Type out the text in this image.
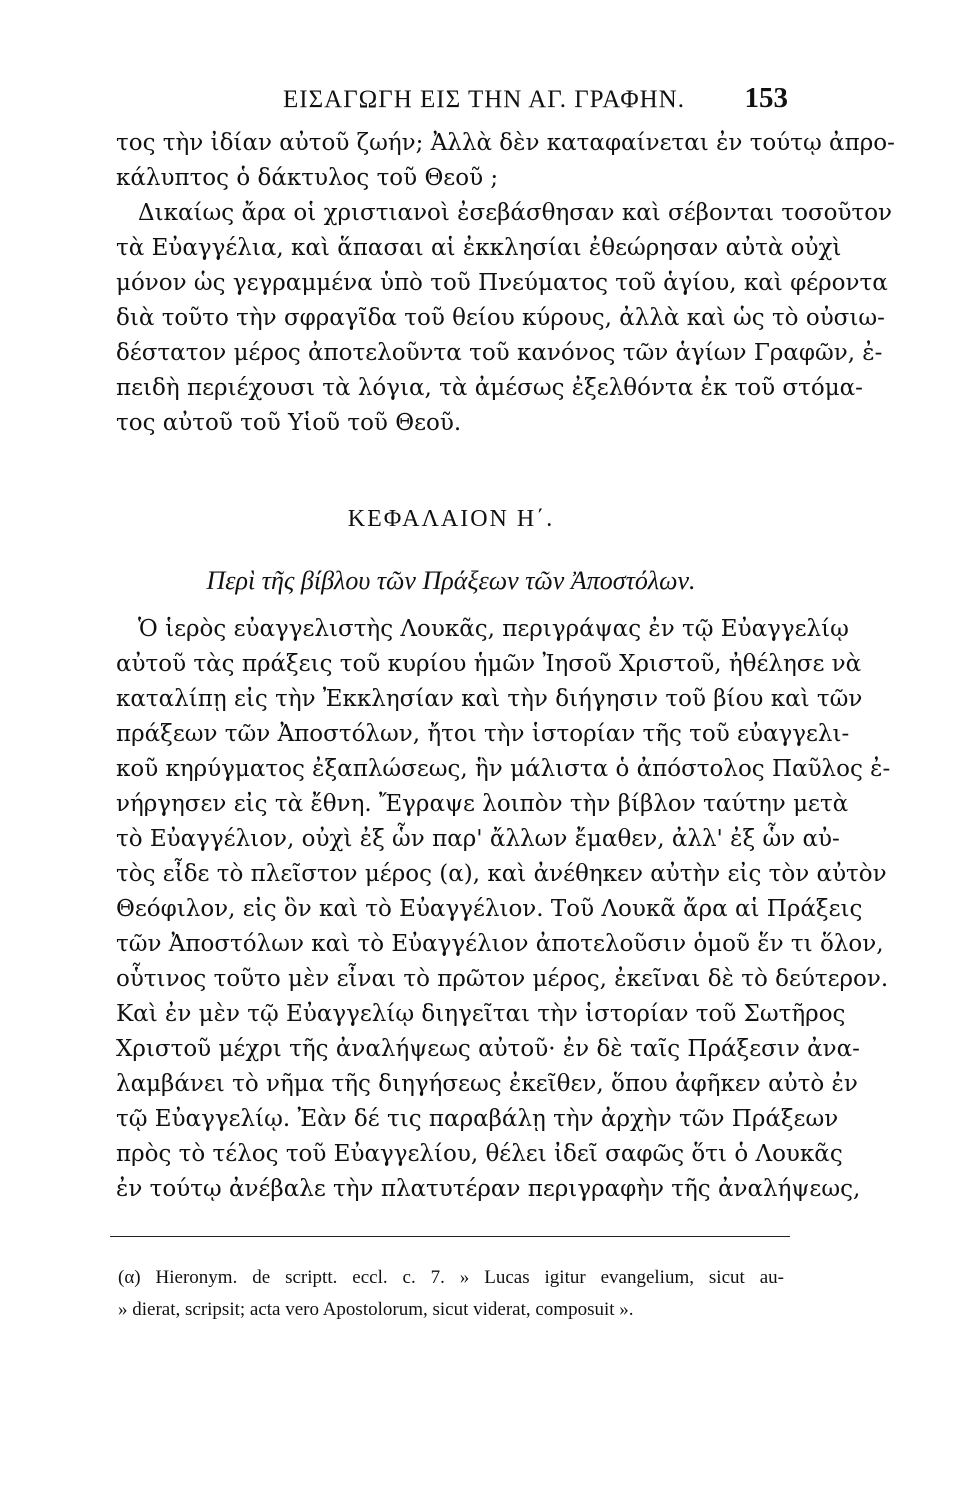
ΕΙΣΑΓΩΓΗ ΕΙΣ ΤΗΝ ΑΓ. ΓΡΑΦΗΝ.	153
τος τὴν ἰδίαν αὐτοῦ ζωήν; Ἀλλὰ δὲν καταφαίνεται ἐν τούτῳ ἀπρο-
κάλυπτος ὁ δάκτυλος τοῦ Θεοῦ ;
Δικαίως ἄρα οἱ χριστιανοὶ ἐσεβάσθησαν καὶ σέβονται τοσοῦτον
τὰ Εὐαγγέλια, καὶ ἅπασαι αἱ ἐκκλησίαι ἐθεώρησαν αὐτὰ οὐχὶ
μόνον ὡς γεγραμμένα ὑπὸ τοῦ Πνεύματος τοῦ ἁγίου, καὶ φέροντα
διὰ τοῦτο τὴν σφραγῖδα τοῦ θείου κύρους, ἀλλὰ καὶ ὡς τὸ οὐσιω-
δέστατον μέρος ἀποτελοῦντα τοῦ κανόνος τῶν ἁγίων Γραφῶν, ἐ-
πειδὴ περιέχουσι τὰ λόγια, τὰ ἀμέσως ἐξελθόντα ἐκ τοῦ στόμα-
τος αὐτοῦ τοῦ Υἱοῦ τοῦ Θεοῦ.
ΚΕΦΑΛΑΙΟΝ Η΄.
Περὶ τῆς βίβλου τῶν Πράξεων τῶν Ἀποστόλων.
Ὁ ἱερὸς εὐαγγελιστὴς Λουκᾶς, περιγράψας ἐν τῷ Εὐαγγελίῳ
αὐτοῦ τὰς πράξεις τοῦ κυρίου ἡμῶν Ἰησοῦ Χριστοῦ, ἠθέλησε νὰ
καταλίπῃ εἰς τὴν Ἐκκλησίαν καὶ τὴν διήγησιν τοῦ βίου καὶ τῶν
πράξεων τῶν Ἀποστόλων, ἤτοι τὴν ἱστορίαν τῆς τοῦ εὐαγγελι-
κοῦ κηρύγματος ἐξαπλώσεως, ἣν μάλιστα ὁ ἀπόστολος Παῦλος ἐ-
νήργησεν εἰς τὰ ἔθνη. Ἔγραψε λοιπὸν τὴν βίβλον ταύτην μετὰ
τὸ Εὐαγγέλιον, οὐχὶ ἐξ ὧν παρ' ἄλλων ἔμαθεν, ἀλλ' ἐξ ὧν αὐ-
τὸς εἶδε τὸ πλεῖστον μέρος (α), καὶ ἀνέθηκεν αὐτὴν εἰς τὸν αὐτὸν
Θεόφιλον, εἰς ὃν καὶ τὸ Εὐαγγέλιον. Τοῦ Λουκᾶ ἄρα αἱ Πράξεις
τῶν Ἀποστόλων καὶ τὸ Εὐαγγέλιον ἀποτελοῦσιν ὁμοῦ ἕν τι ὅλον,
οὗτινος τοῦτο μὲν εἶναι τὸ πρῶτον μέρος, ἐκεῖναι δὲ τὸ δεύτερον.
Καὶ ἐν μὲν τῷ Εὐαγγελίῳ διηγεῖται τὴν ἱστορίαν τοῦ Σωτῆρος
Χριστοῦ μέχρι τῆς ἀναλήψεως αὐτοῦ· ἐν δὲ ταῖς Πράξεσιν ἀνα-
λαμβάνει τὸ νῆμα τῆς διηγήσεως ἐκεῖθεν, ὅπου ἀφῆκεν αὐτὸ ἐν
τῷ Εὐαγγελίῳ. Ἐὰν δέ τις παραβάλῃ τὴν ἀρχὴν τῶν Πράξεων
πρὸς τὸ τέλος τοῦ Εὐαγγελίου, θέλει ἰδεῖ σαφῶς ὅτι ὁ Λουκᾶς
ἐν τούτῳ ἀνέβαλε τὴν πλατυτέραν περιγραφὴν τῆς ἀναλήψεως,
(α) Hieronym. de scriptt. eccl. c. 7. » Lucas igitur evangelium, sicut au-
» dierat, scripsit; acta vero Apostolorum, sicut viderat, composuit ».
